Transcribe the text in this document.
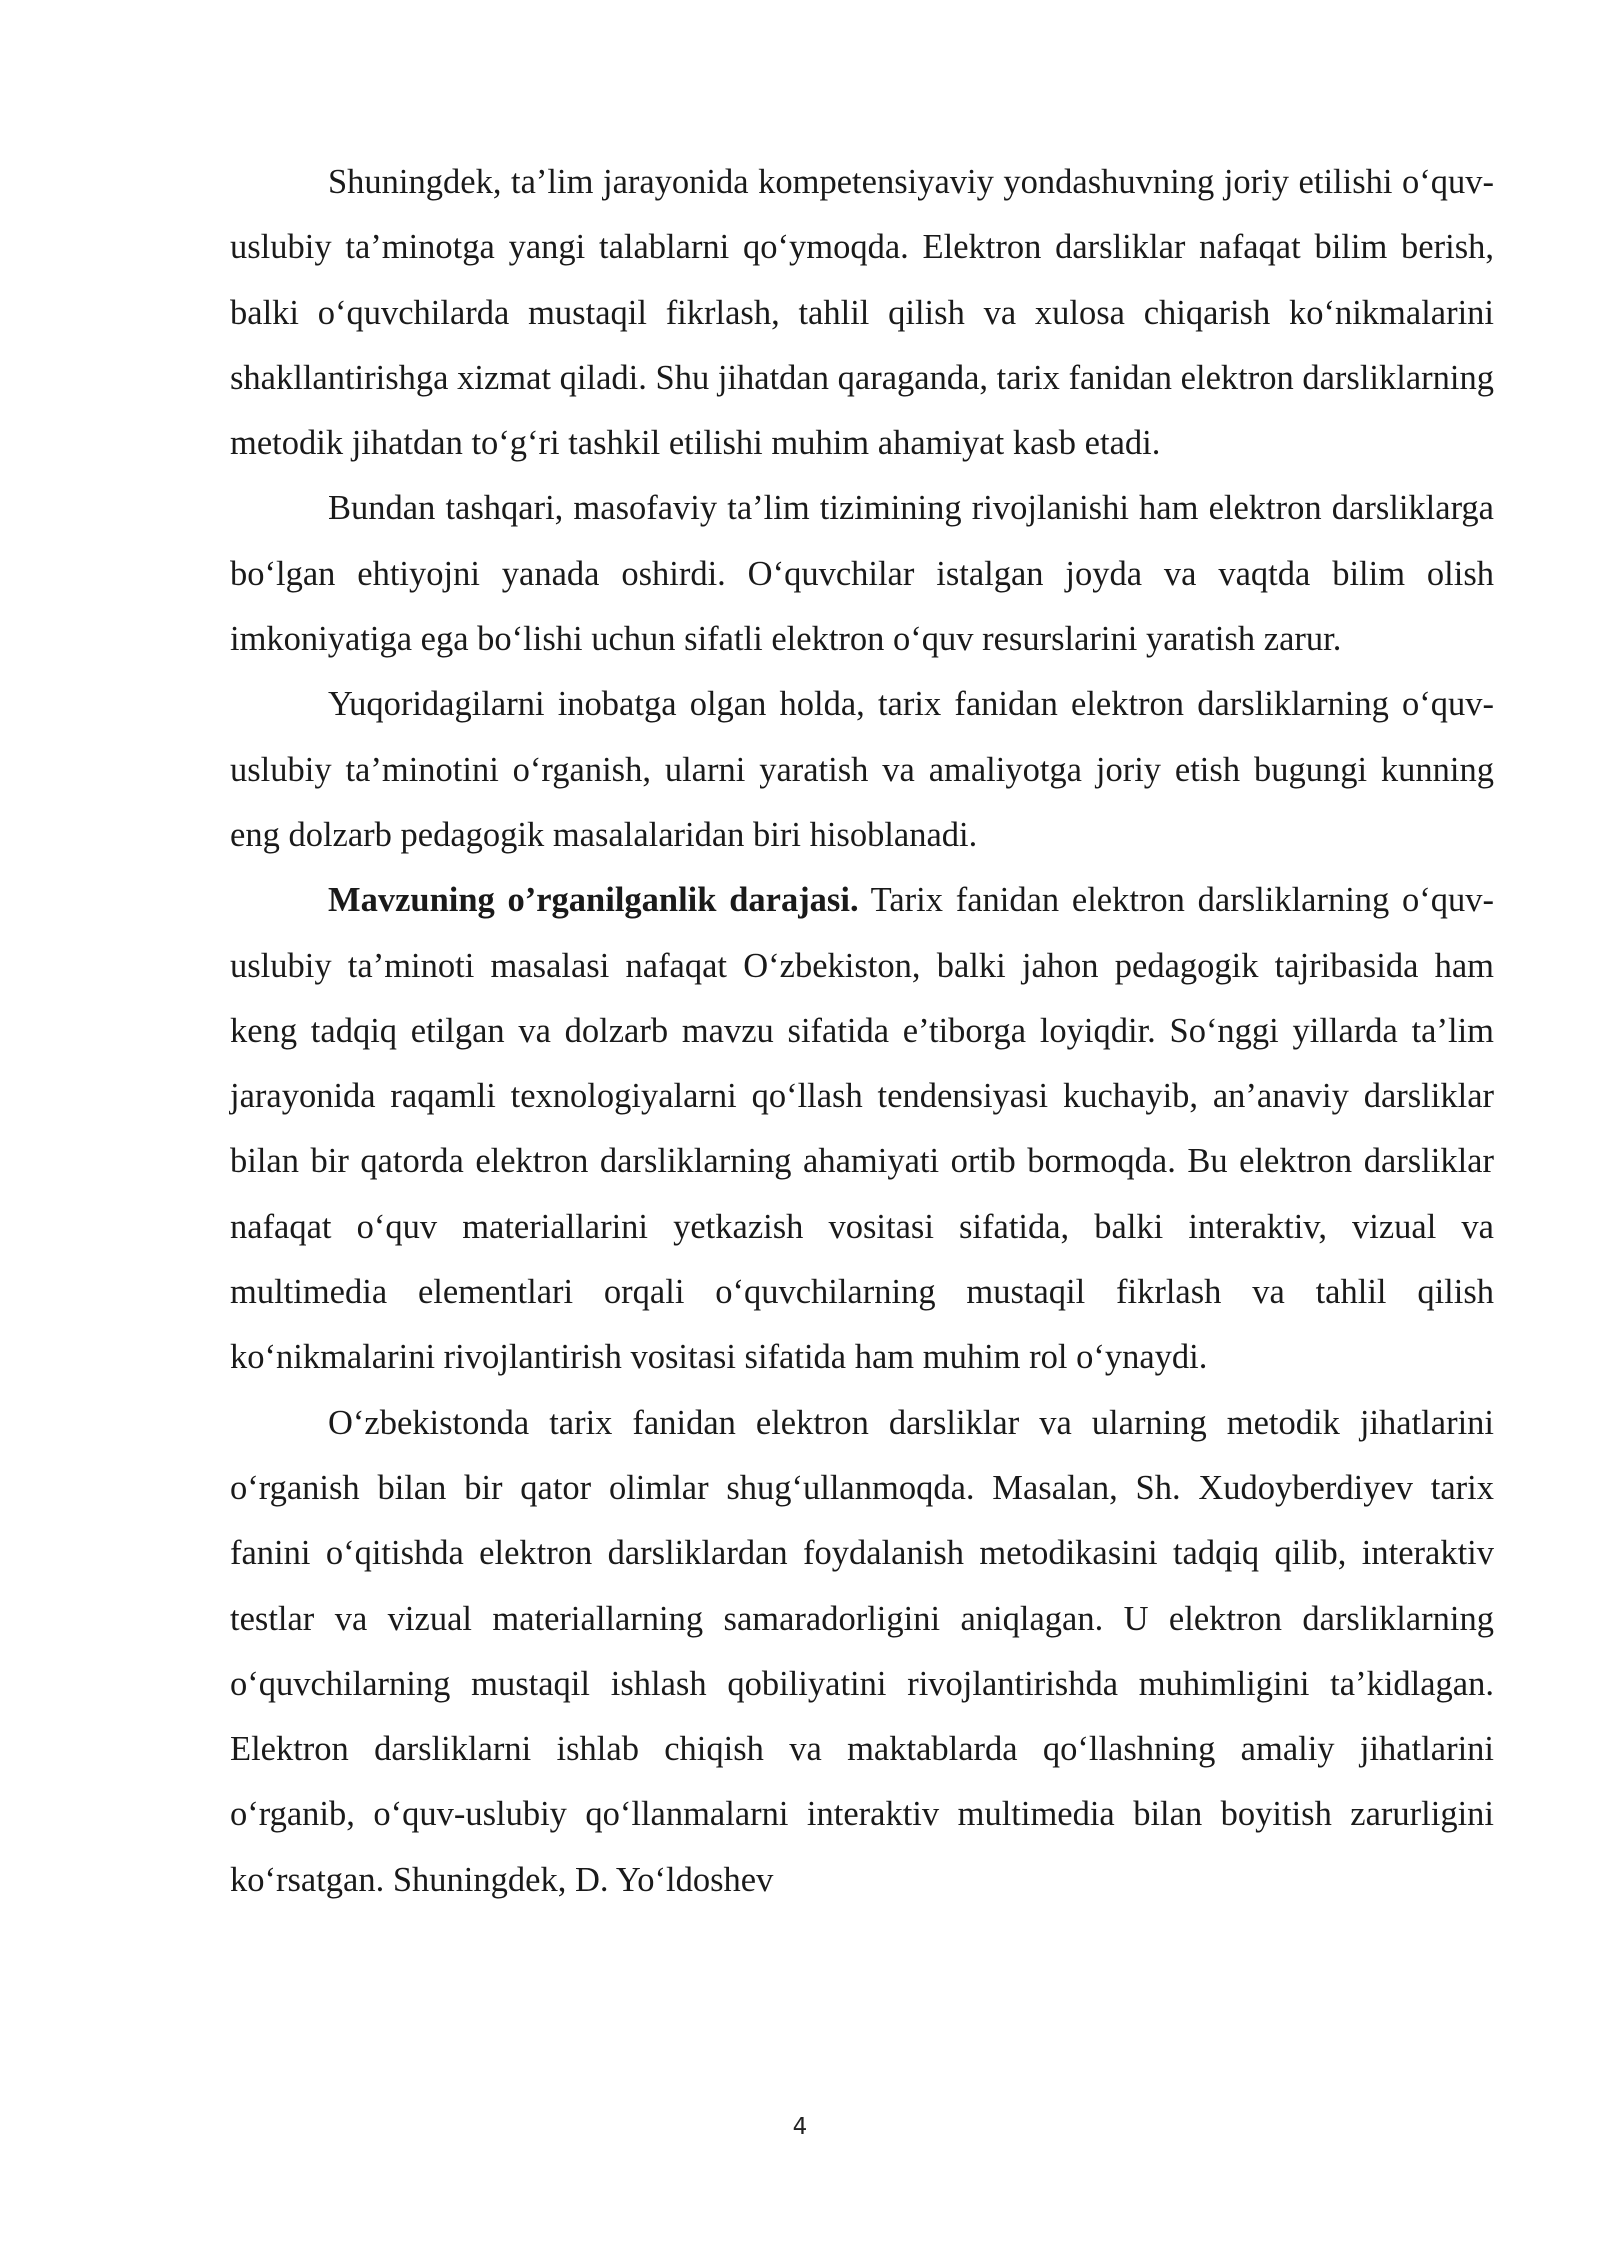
Shuningdek, ta’lim jarayonida kompetensiyaviy yondashuvning joriy etilishi o‘quv-uslubiy ta’minotga yangi talablarni qo‘ymoqda. Elektron darsliklar nafaqat bilim berish, balki o‘quvchilarda mustaqil fikrlash, tahlil qilish va xulosa chiqarish ko‘nikmalarini shakllantirishga xizmat qiladi. Shu jihatdan qaraganda, tarix fanidan elektron darsliklarning metodik jihatdan to‘g‘ri tashkil etilishi muhim ahamiyat kasb etadi.

Bundan tashqari, masofaviy ta’lim tizimining rivojlanishi ham elektron darsliklarga bo‘lgan ehtiyojni yanada oshirdi. O‘quvchilar istalgan joyda va vaqtda bilim olish imkoniyatiga ega bo‘lishi uchun sifatli elektron o‘quv resurslarini yaratish zarur.

Yuqoridagilarni inobatga olgan holda, tarix fanidan elektron darsliklarning o‘quv-uslubiy ta’minotini o‘rganish, ularni yaratish va amaliyotga joriy etish bugungi kunning eng dolzarb pedagogik masalalaridan biri hisoblanadi.

Mavzuning o’rganilganlik darajasi. Tarix fanidan elektron darsliklarning o‘quv-uslubiy ta’minoti masalasi nafaqat O‘zbekiston, balki jahon pedagogik tajribasida ham keng tadqiq etilgan va dolzarb mavzu sifatida e’tiborga loyiqdir. So‘nggi yillarda ta’lim jarayonida raqamli texnologiyalarni qo‘llash tendensiyasi kuchayib, an’anaviy darsliklar bilan bir qatorda elektron darsliklarning ahamiyati ortib bormoqda. Bu elektron darsliklar nafaqat o‘quv materiallarini yetkazish vositasi sifatida, balki interaktiv, vizual va multimedia elementlari orqali o‘quvchilarning mustaqil fikrlash va tahlil qilish ko‘nikmalarini rivojlantirish vositasi sifatida ham muhim rol o‘ynaydi.

O‘zbekistonda tarix fanidan elektron darsliklar va ularning metodik jihatlarini o‘rganish bilan bir qator olimlar shug‘ullanmoqda. Masalan, Sh. Xudoyberdiyev tarix fanini o‘qitishda elektron darsliklardan foydalanish metodikasini tadqiq qilib, interaktiv testlar va vizual materiallarning samaradorligini aniqlagan. U elektron darsliklarning o‘quvchilarning mustaqil ishlash qobiliyatini rivojlantirishda muhimligini ta’kidlagan. Elektron darsliklarni ishlab chiqish va maktablarda qo‘llashning amaliy jihatlarini o‘rganib, o‘quv-uslubiy qo‘llanmalarni interaktiv multimedia bilan boyitish zarurligini ko‘rsatgan. Shuningdek, D. Yo‘ldoshev

4
